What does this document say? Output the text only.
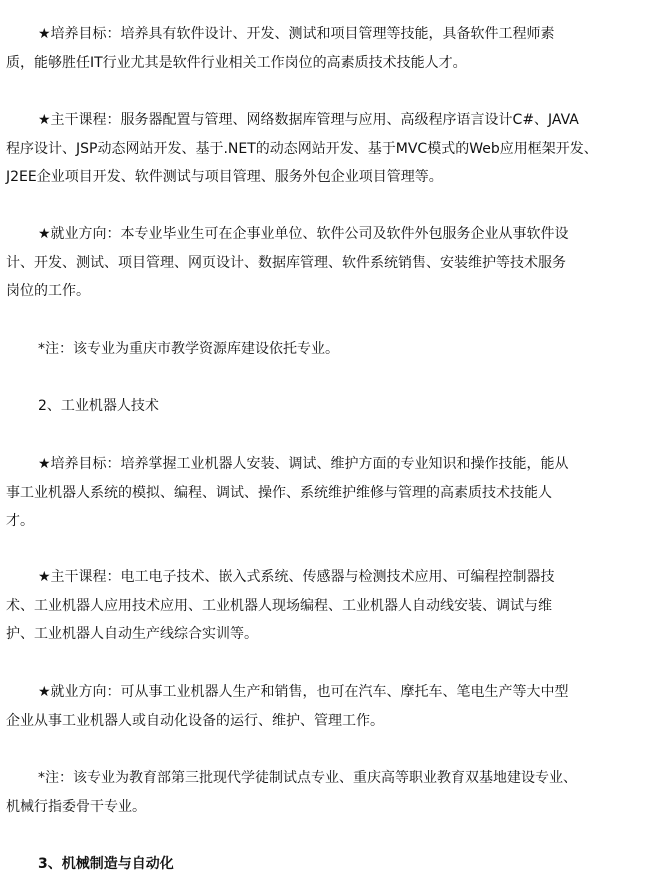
★培养目标：培养具有软件设计、开发、测试和项目管理等技能，具备软件工程师素
质，能够胜任IT行业尤其是软件行业相关工作岗位的高素质技术技能人才。
★主干课程：服务器配置与管理、网络数据库管理与应用、高级程序语言设计C#、JAVA
程序设计、JSP动态网站开发、基于.NET的动态网站开发、基于MVC模式的Web应用框架开发、
J2EE企业项目开发、软件测试与项目管理、服务外包企业项目管理等。
★就业方向：本专业毕业生可在企事业单位、软件公司及软件外包服务企业从事软件设
计、开发、测试、项目管理、网页设计、数据库管理、软件系统销售、安装维护等技术服务
岗位的工作。
*注：该专业为重庆市教学资源库建设依托专业。
2、工业机器人技术
★培养目标：培养掌握工业机器人安装、调试、维护方面的专业知识和操作技能，能从
事工业机器人系统的模拟、编程、调试、操作、系统维护维修与管理的高素质技术技能人
才。
★主干课程：电工电子技术、嵌入式系统、传感器与检测技术应用、可编程控制器技
术、工业机器人应用技术应用、工业机器人现场编程、工业机器人自动线安装、调试与维
护、工业机器人自动生产线综合实训等。
★就业方向：可从事工业机器人生产和销售，也可在汽车、摩托车、笔电生产等大中型
企业从事工业机器人或自动化设备的运行、维护、管理工作。
*注：该专业为教育部第三批现代学徒制试点专业、重庆高等职业教育双基地建设专业、
机械行指委骨干专业。
3、机械制造与自动化
